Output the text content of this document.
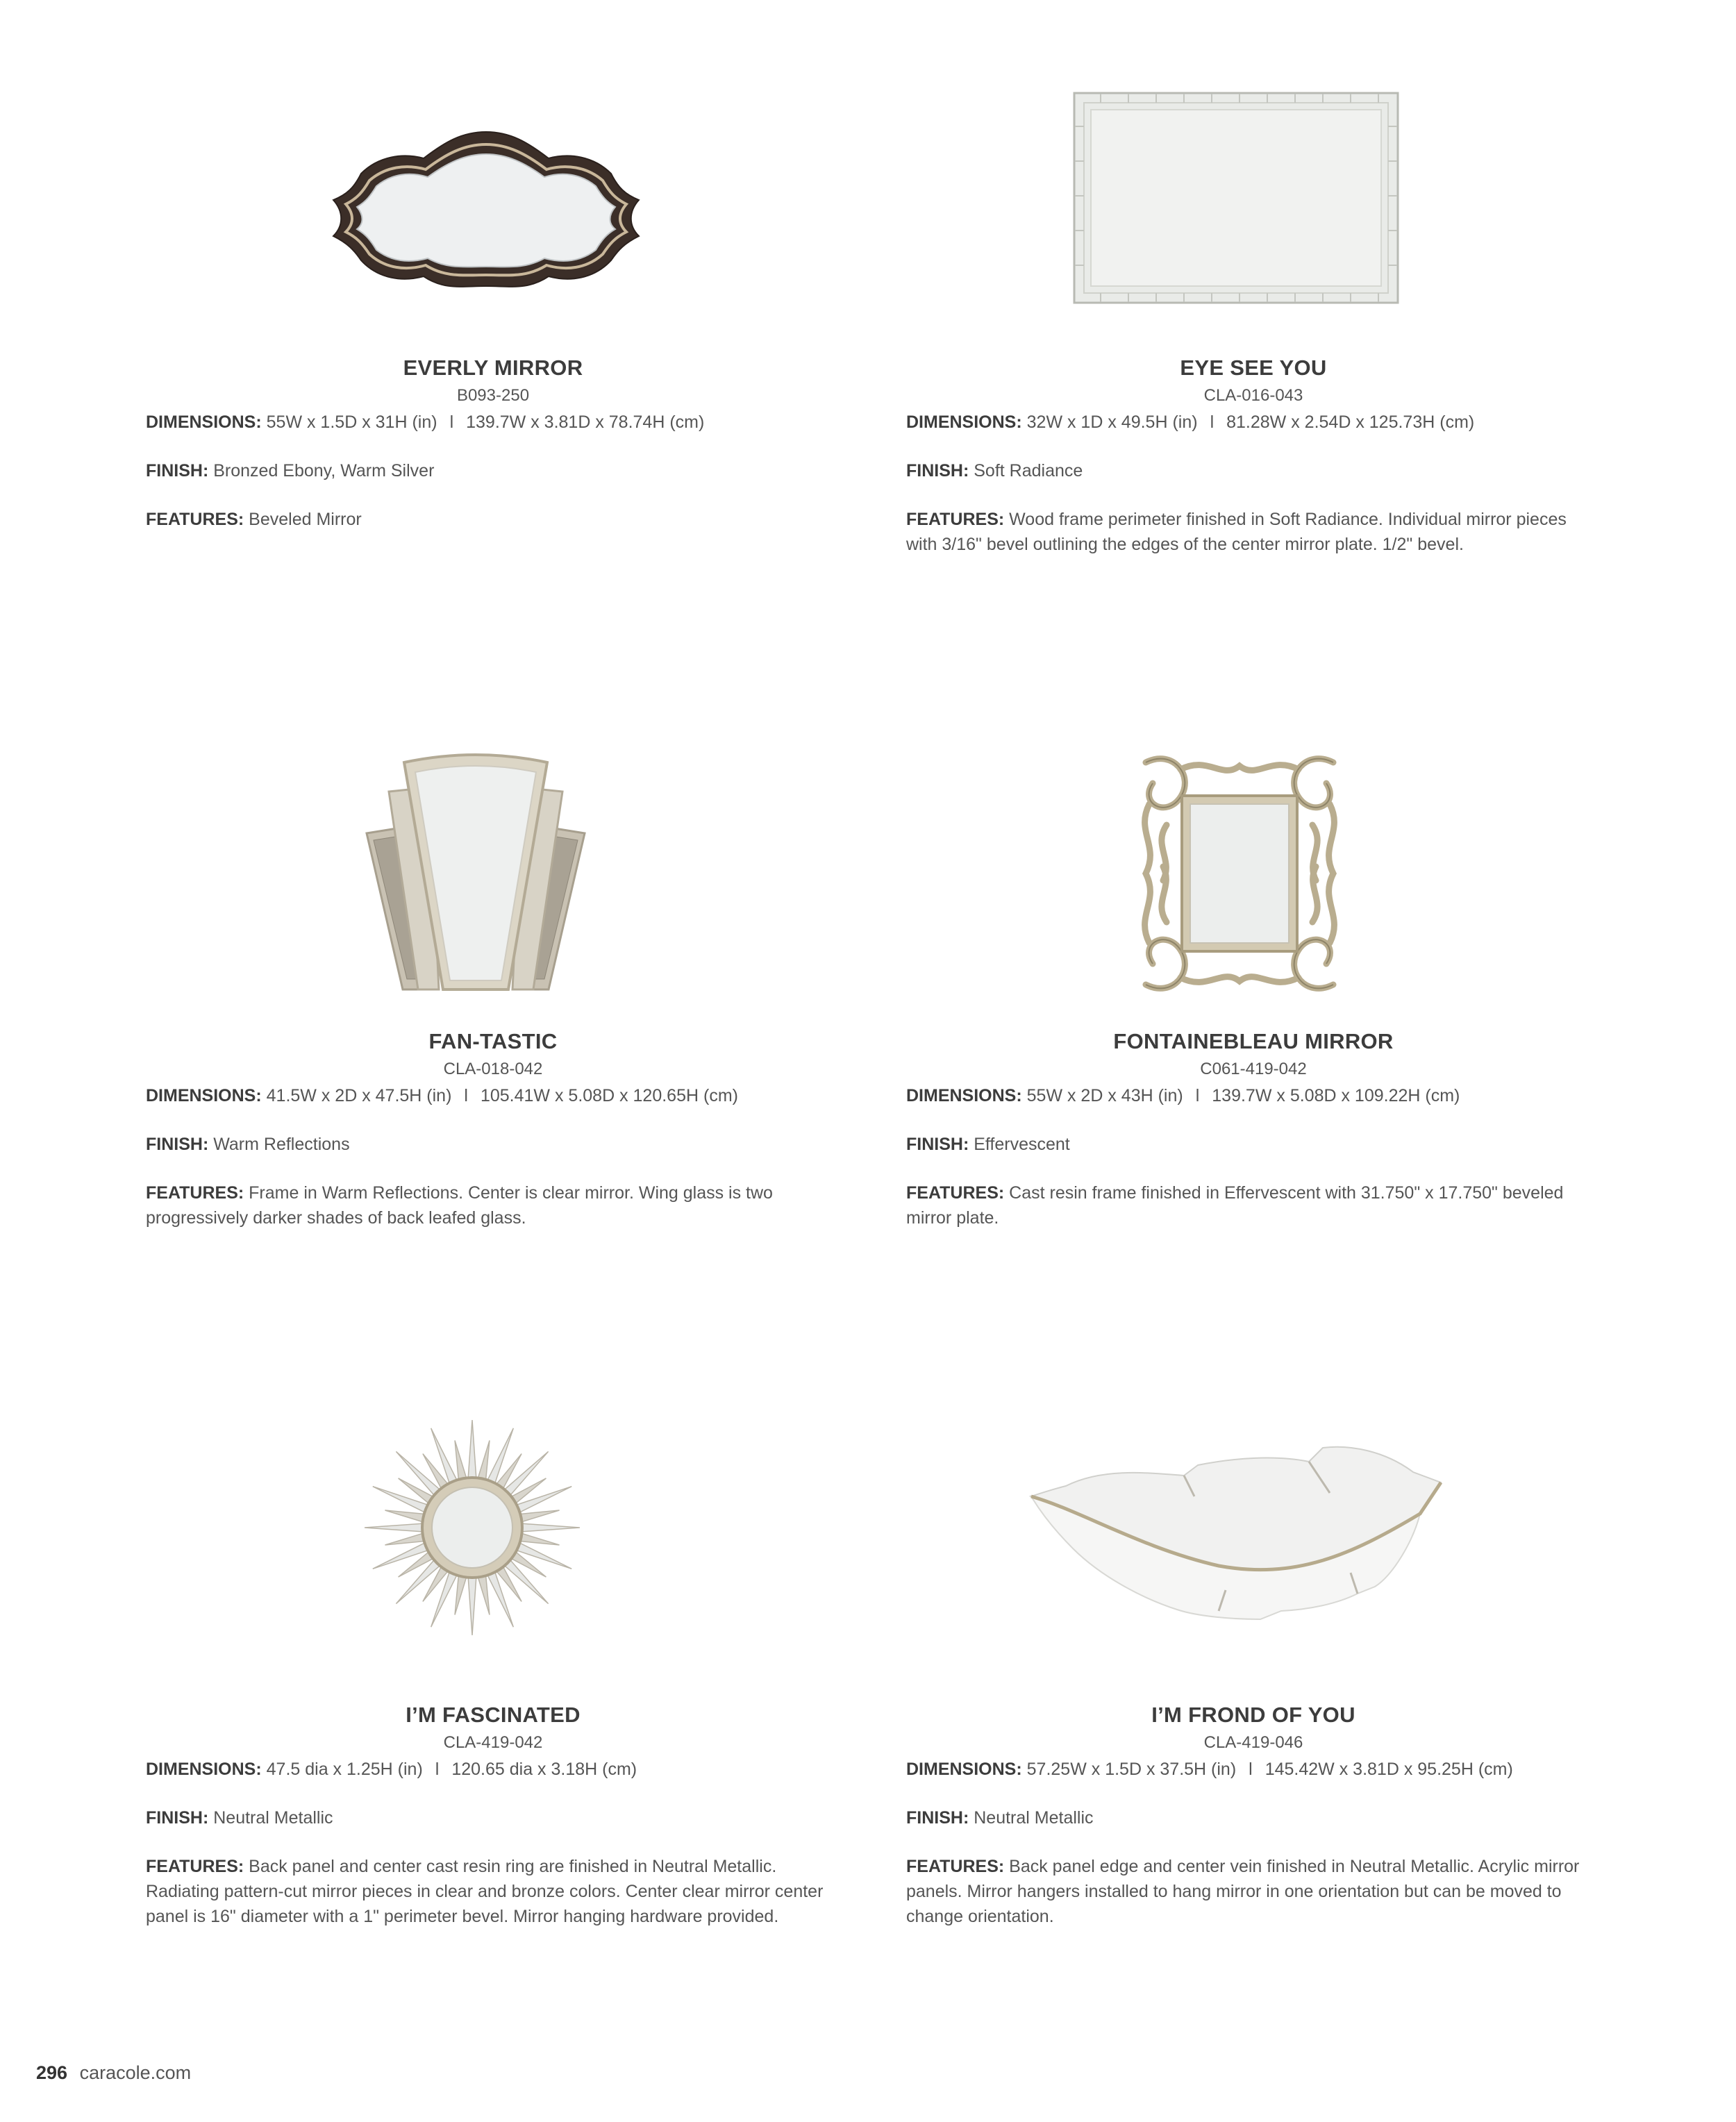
EVERLY MIRROR
B093-250
DIMENSIONS: 55W x 1.5D x 31H (in) l 139.7W x 3.81D x 78.74H (cm)
FINISH: Bronzed Ebony, Warm Silver
FEATURES: Beveled Mirror
EYE SEE YOU
CLA-016-043
DIMENSIONS: 32W x 1D x 49.5H (in) l 81.28W x 2.54D x 125.73H (cm)
FINISH: Soft Radiance
FEATURES: Wood frame perimeter finished in Soft Radiance. Individual mirror pieces with 3/16" bevel outlining the edges of the center mirror plate. 1/2" bevel.
FAN-TASTIC
CLA-018-042
DIMENSIONS: 41.5W x 2D x 47.5H (in) l 105.41W x 5.08D x 120.65H (cm)
FINISH: Warm Reflections
FEATURES: Frame in Warm Reflections. Center is clear mirror. Wing glass is two progressively darker shades of back leafed glass.
FONTAINEBLEAU MIRROR
C061-419-042
DIMENSIONS: 55W x 2D x 43H (in) l 139.7W x 5.08D x 109.22H (cm)
FINISH: Effervescent
FEATURES: Cast resin frame finished in Effervescent with 31.750" x 17.750" beveled mirror plate.
I’M FASCINATED
CLA-419-042
DIMENSIONS: 47.5 dia x 1.25H (in) l 120.65 dia x 3.18H (cm)
FINISH: Neutral Metallic
FEATURES: Back panel and center cast resin ring are finished in Neutral Metallic. Radiating pattern-cut mirror pieces in clear and bronze colors. Center clear mirror center panel is 16" diameter with a 1" perimeter bevel. Mirror hanging hardware provided.
I’M FROND OF YOU
CLA-419-046
DIMENSIONS: 57.25W x 1.5D x 37.5H (in) l 145.42W x 3.81D x 95.25H (cm)
FINISH: Neutral Metallic
FEATURES: Back panel edge and center vein finished in Neutral Metallic. Acrylic mirror panels. Mirror hangers installed to hang mirror in one orientation but can be moved to change orientation.
296 caracole.com
